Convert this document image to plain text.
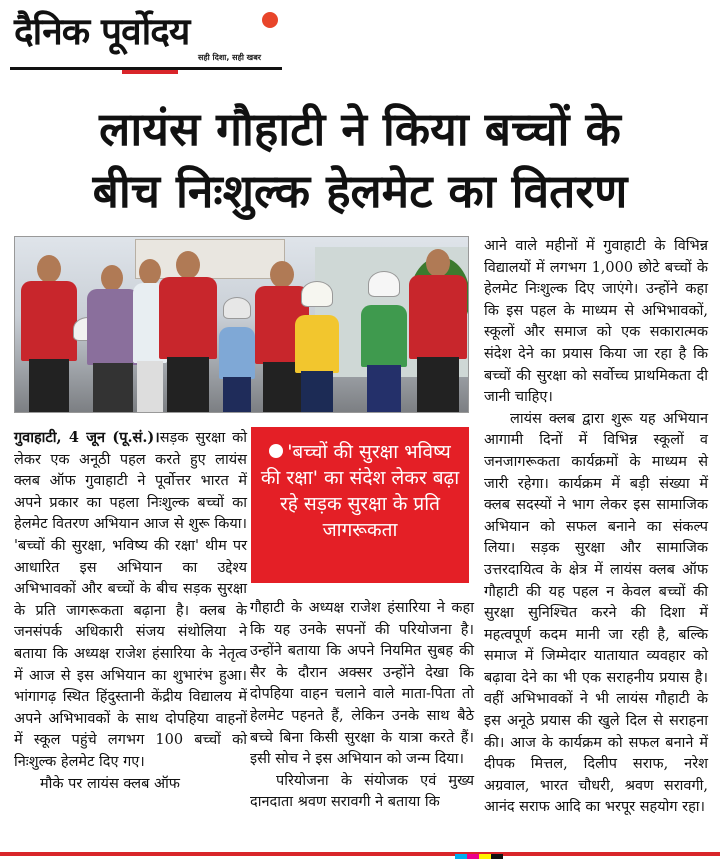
दैनिक पूर्वोदय
सही दिशा, सही खबर
लायंस गौहाटी ने किया बच्चों के
बीच निःशुल्क हेलमेट का वितरण
'बच्चों की सुरक्षा भविष्य की रक्षा' का संदेश लेकर बढ़ा रहे सड़क सुरक्षा के प्रति जागरूकता

गुवाहाटी, 4 जून (पू.सं.)।सड़क सुरक्षा को लेकर एक अनूठी पहल करते हुए लायंस क्लब ऑफ गुवाहाटी ने पूर्वोत्तर भारत में अपने प्रकार का पहला निःशुल्क बच्चों का हेलमेट वितरण अभियान आज से शुरू किया। 'बच्चों की सुरक्षा, भविष्य की रक्षा' थीम पर आधारित इस अभियान का उद्देश्य अभिभावकों और बच्चों के बीच सड़क सुरक्षा के प्रति जागरूकता बढ़ाना है। क्लब के जनसंपर्क अधिकारी संजय संथोलिया ने बताया कि अध्यक्ष राजेश हंसारिया के नेतृत्व में आज से इस अभियान का शुभारंभ हुआ। भांगागढ़ स्थित हिंदुस्तानी केंद्रीय विद्यालय में अपने अभिभावकों के साथ दोपहिया वाहनों में स्कूल पहुंचे लगभग 100 बच्चों को निःशुल्क हेलमेट दिए गए।

मौके पर लायंस क्लब ऑफ

गौहाटी के अध्यक्ष राजेश हंसारिया ने कहा कि यह उनके सपनों की परियोजना है। उन्होंने बताया कि अपने नियमित सुबह की सैर के दौरान अक्सर उन्होंने देखा कि दोपहिया वाहन चलाने वाले माता-पिता तो हेलमेट पहनते हैं, लेकिन उनके साथ बैठे बच्चे बिना किसी सुरक्षा के यात्रा करते हैं। इसी सोच ने इस अभियान को जन्म दिया।

परियोजना के संयोजक एवं मुख्य दानदाता श्रवण सरावगी ने बताया कि

आने वाले महीनों में गुवाहाटी के विभिन्न विद्यालयों में लगभग 1,000 छोटे बच्चों के हेलमेट निःशुल्क दिए जाएंगे। उन्होंने कहा कि इस पहल के माध्यम से अभिभावकों, स्कूलों और समाज को एक सकारात्मक संदेश देने का प्रयास किया जा रहा है कि बच्चों की सुरक्षा को सर्वोच्च प्राथमिकता दी जानी चाहिए।

लायंस क्लब द्वारा शुरू यह अभियान आगामी दिनों में विभिन्न स्कूलों व जनजागरूकता कार्यक्रमों के माध्यम से जारी रहेगा। कार्यक्रम में बड़ी संख्या में क्लब सदस्यों ने भाग लेकर इस सामाजिक अभियान को सफल बनाने का संकल्प लिया। सड़क सुरक्षा और सामाजिक उत्तरदायित्व के क्षेत्र में लायंस क्लब ऑफ गौहाटी की यह पहल न केवल बच्चों की सुरक्षा सुनिश्चित करने की दिशा में महत्वपूर्ण कदम मानी जा रही है, बल्कि समाज में जिम्मेदार यातायात व्यवहार को बढ़ावा देने का भी एक सराहनीय प्रयास है। वहीं अभिभावकों ने भी लायंस गौहाटी के इस अनूठे प्रयास की खुले दिल से सराहना की। आज के कार्यक्रम को सफल बनाने में दीपक मित्तल, दिलीप सराफ, नरेश अग्रवाल, भारत चौधरी, श्रवण सरावगी, आनंद सराफ आदि का भरपूर सहयोग रहा।
